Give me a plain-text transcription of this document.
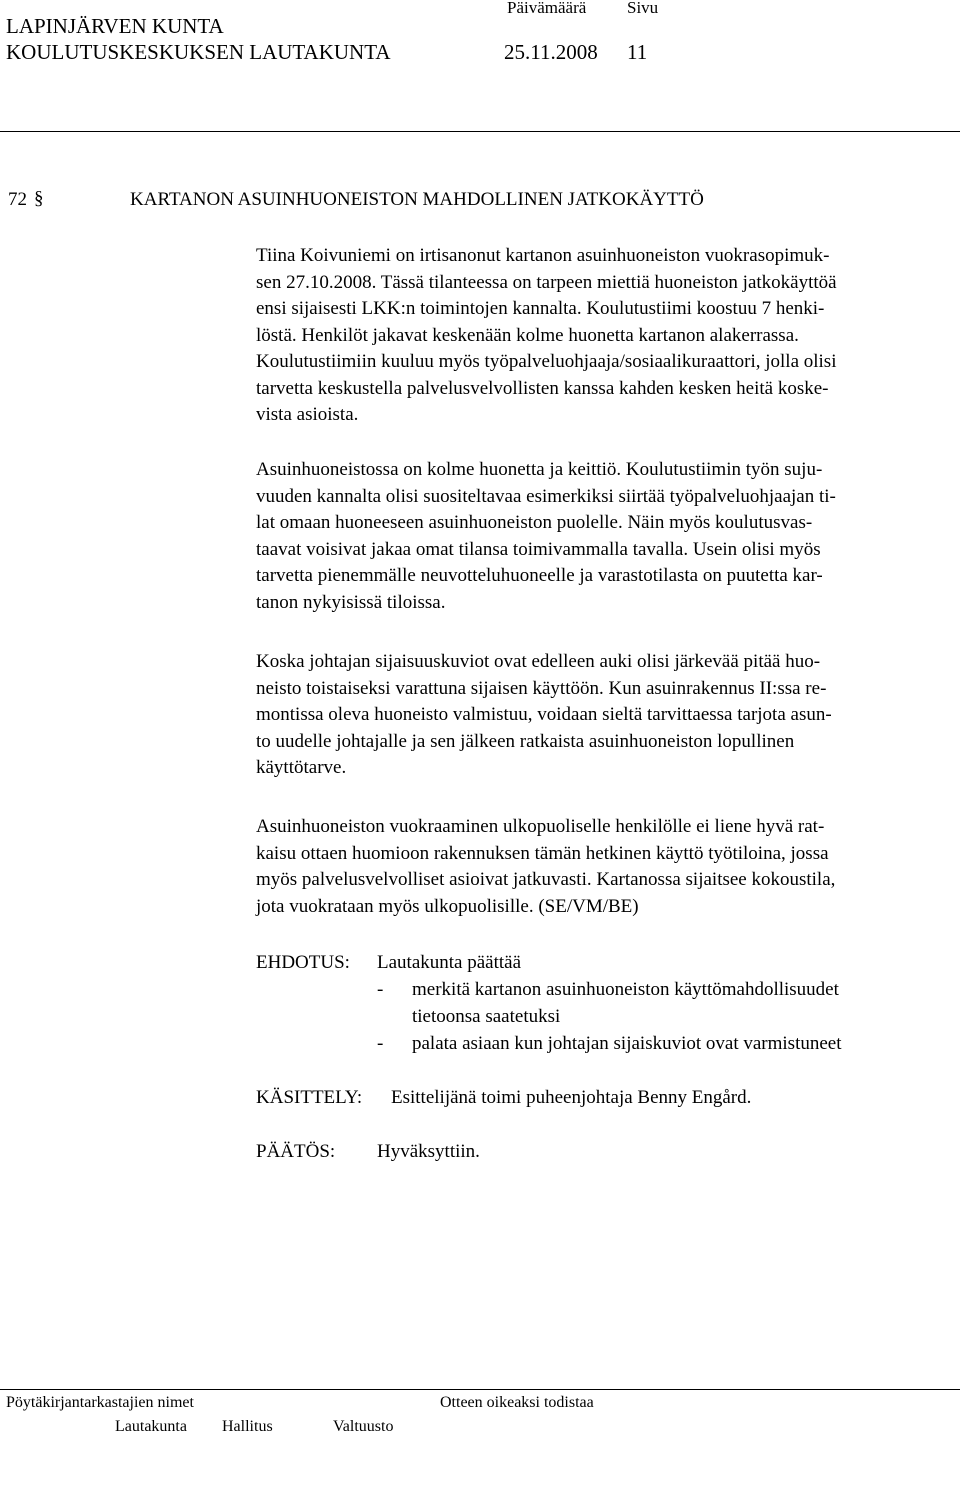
LAPINJÄRVEN KUNTA
KOULUTUSKESKUKSEN LAUTAKUNTA
Päivämäärä Sivu
25.11.2008 11
72 §	KARTANON ASUINHUONEISTON MAHDOLLINEN JATKOKÄYTTÖ
Tiina Koivuniemi on irtisanonut kartanon asuinhuoneiston vuokrasopimuk-
sen 27.10.2008. Tässä tilanteessa on tarpeen miettiä huoneiston jatkokäyttöä
ensi sijaisesti LKK:n toimintojen kannalta. Koulutustiimi koostuu 7 henki-
löstä. Henkilöt jakavat keskenään kolme huonetta kartanon alakerrassa.
Koulutustiimiin kuuluu myös työpalveluohjaaja/sosiaalikuraattori, jolla olisi
tarvetta keskustella palvelusvelvollisten kanssa kahden kesken heitä koske-
vista asioista.
Asuinhuoneistossa on kolme huonetta ja keittiö. Koulutustiimin työn suju-
vuuden kannalta olisi suositeltavaa esimerkiksi siirtää työpalveluohjaajan ti-
lat omaan huoneeseen asuinhuoneiston puolelle. Näin myös koulutusvas-
taavat voisivat jakaa omat tilansa toimivammalla tavalla. Usein olisi myös
tarvetta pienemmälle neuvotteluhuoneelle ja varastotilasta on puutetta kar-
tanon nykyisissä tiloissa.
Koska johtajan sijaisuuskuviot ovat edelleen auki olisi järkevää pitää huo-
neisto toistaiseksi varattuna sijaisen käyttöön. Kun asuinrakennus II:ssa re-
montissa oleva huoneisto valmistuu, voidaan sieltä tarvittaessa tarjota asun-
to uudelle johtajalle ja sen jälkeen ratkaista asuinhuoneiston lopullinen
käyttötarve.
Asuinhuoneiston vuokraaminen ulkopuoliselle henkilölle ei liene hyvä rat-
kaisu ottaen huomioon rakennuksen tämän hetkinen käyttö työtiloina, jossa
myös palvelusvelvolliset asioivat jatkuvasti. Kartanossa sijaitsee kokoustila,
jota vuokrataan myös ulkopuolisille. (SE/VM/BE)
EHDOTUS: Lautakunta päättää
- merkitä kartanon asuinhuoneiston käyttömahdollisuudet
tietoonsa saatetuksi
- palata asiaan kun johtajan sijaiskuviot ovat varmistuneet
KÄSITTELY: Esittelijänä toimi puheenjohtaja Benny Engård.
PÄÄTÖS: Hyväksyttiin.
Pöytäkirjantarkastajien nimet	Otteen oikeaksi todistaa
Lautakunta Hallitus	Valtuusto
